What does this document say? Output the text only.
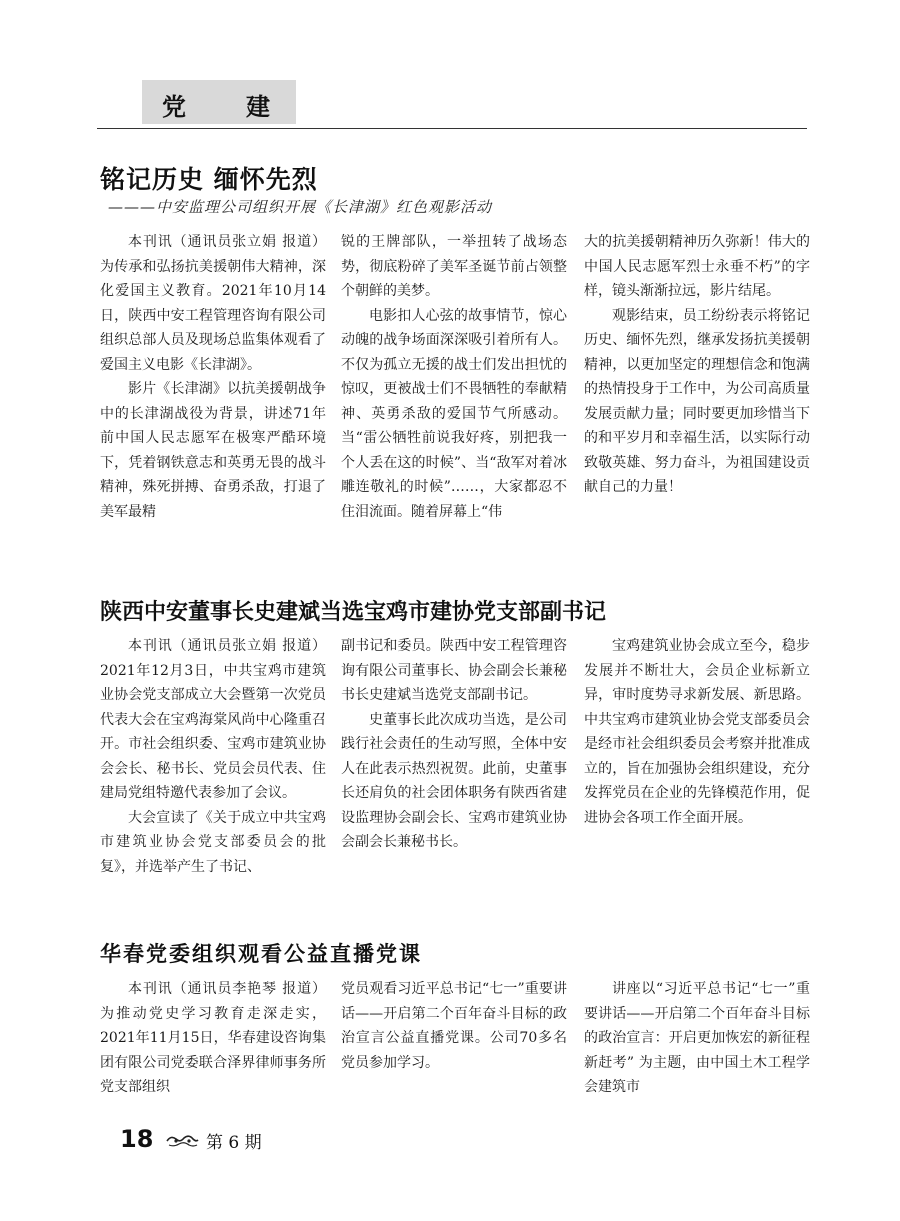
党	建
铭记历史 缅怀先烈
———中安监理公司组织开展《长津湖》红色观影活动

本刊讯（通讯员张立娟 报道）为传承和弘扬抗美援朝伟大精神，深化爱国主义教育。2021年10月14日，陕西中安工程管理咨询有限公司组织总部人员及现场总监集体观看了爱国主义电影《长津湖》。

影片《长津湖》以抗美援朝战争中的长津湖战役为背景，讲述71年前中国人民志愿军在极寒严酷环境下，凭着钢铁意志和英勇无畏的战斗精神，殊死拼搏、奋勇杀敌，打退了美军最精

锐的王牌部队，一举扭转了战场态势，彻底粉碎了美军圣诞节前占领整个朝鲜的美梦。

电影扣人心弦的故事情节，惊心动魄的战争场面深深吸引着所有人。不仅为孤立无援的战士们发出担忧的惊叹，更被战士们不畏牺牲的奉献精神、英勇杀敌的爱国节气所感动。当“雷公牺牲前说我好疼，别把我一个人丢在这的时候”、当“敌军对着冰雕连敬礼的时候”……，大家都忍不住泪流面。随着屏幕上“伟

大的抗美援朝精神历久弥新！伟大的中国人民志愿军烈士永垂不朽”的字样，镜头渐渐拉远，影片结尾。

观影结束，员工纷纷表示将铭记历史、缅怀先烈，继承发扬抗美援朝精神，以更加坚定的理想信念和饱满的热情投身于工作中，为公司高质量发展贡献力量；同时要更加珍惜当下的和平岁月和幸福生活，以实际行动致敬英雄、努力奋斗，为祖国建设贡献自己的力量！

陕西中安董事长史建斌当选宝鸡市建协党支部副书记

本刊讯（通讯员张立娟 报道）2021年12月3日，中共宝鸡市建筑业协会党支部成立大会暨第一次党员代表大会在宝鸡海棠风尚中心隆重召开。市社会组织委、宝鸡市建筑业协会会长、秘书长、党员会员代表、住建局党组特邀代表参加了会议。

大会宣读了《关于成立中共宝鸡市建筑业协会党支部委员会的批复》，并选举产生了书记、

副书记和委员。陕西中安工程管理咨询有限公司董事长、协会副会长兼秘书长史建斌当选党支部副书记。

史董事长此次成功当选，是公司践行社会责任的生动写照，全体中安人在此表示热烈祝贺。此前，史董事长还肩负的社会团体职务有陕西省建设监理协会副会长、宝鸡市建筑业协会副会长兼秘书长。

宝鸡建筑业协会成立至今，稳步发展并不断壮大，会员企业标新立异，审时度势寻求新发展、新思路。中共宝鸡市建筑业协会党支部委员会是经市社会组织委员会考察并批准成立的，旨在加强协会组织建设，充分发挥党员在企业的先锋模范作用，促进协会各项工作全面开展。

华春党委组织观看公益直播党课

本刊讯（通讯员李艳琴 报道）为推动党史学习教育走深走实，2021年11月15日，华春建设咨询集团有限公司党委联合泽界律师事务所党支部组织

党员观看习近平总书记“七一”重要讲话——开启第二个百年奋斗目标的政治宣言公益直播党课。公司70多名党员参加学习。

讲座以“习近平总书记“七一”重要讲话——开启第二个百年奋斗目标的政治宣言：开启更加恢宏的新征程新赶考” 为主题，由中国土木工程学会建筑市

18	第 6 期
